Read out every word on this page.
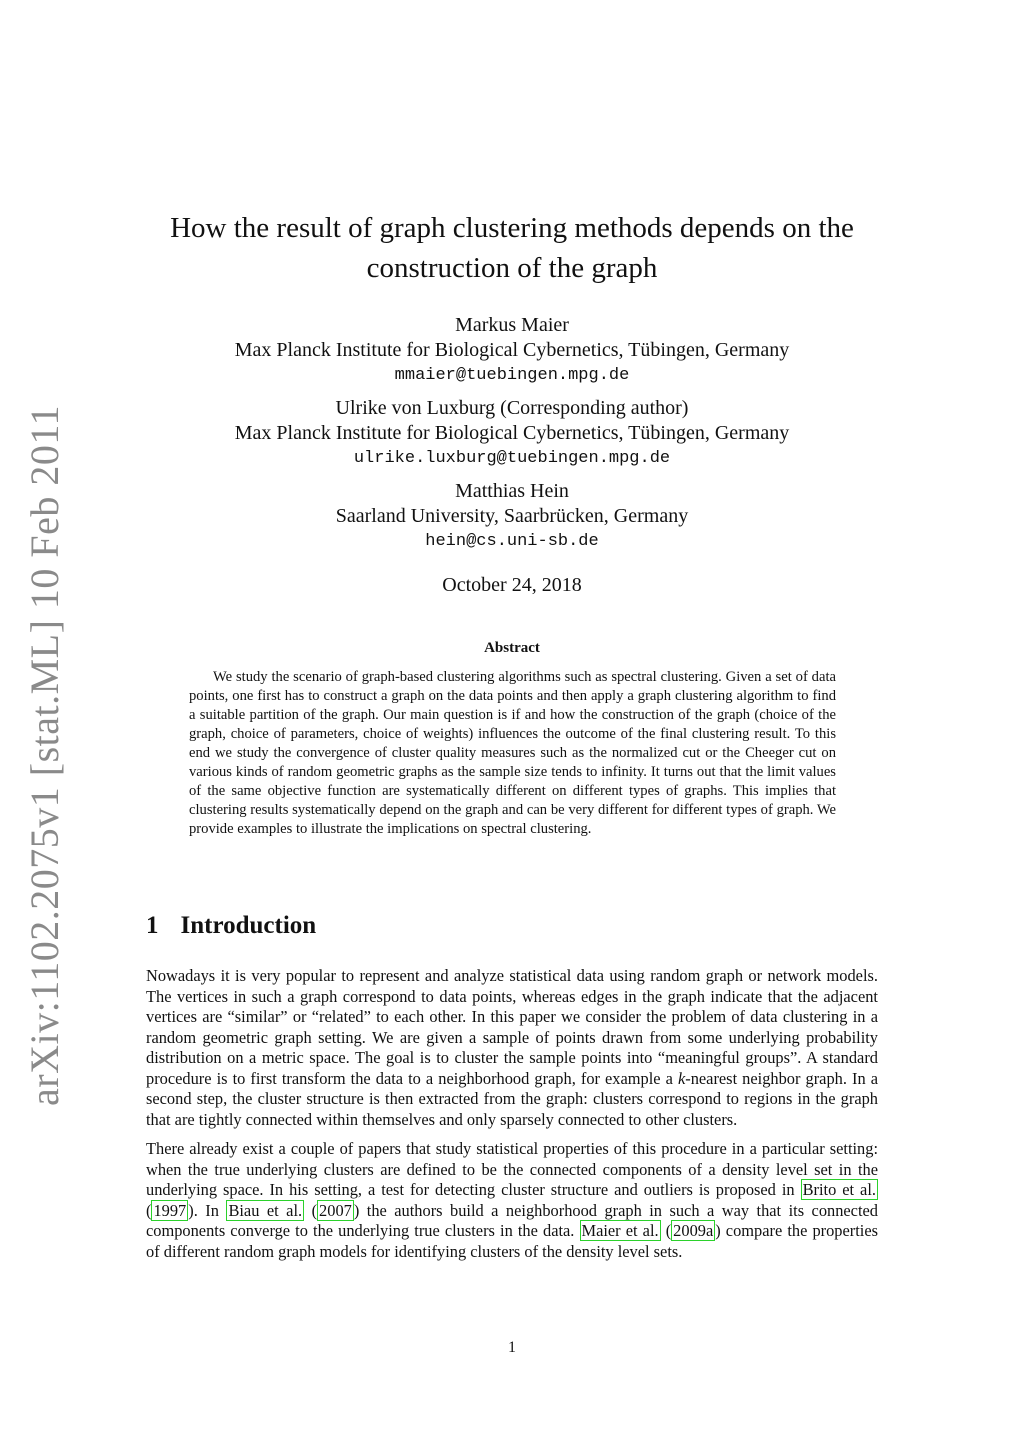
arXiv:1102.2075v1 [stat.ML] 10 Feb 2011
How the result of graph clustering methods depends on the
construction of the graph
Markus Maier
Max Planck Institute for Biological Cybernetics, Tübingen, Germany
mmaier@tuebingen.mpg.de
Ulrike von Luxburg (Corresponding author)
Max Planck Institute for Biological Cybernetics, Tübingen, Germany
ulrike.luxburg@tuebingen.mpg.de
Matthias Hein
Saarland University, Saarbrücken, Germany
hein@cs.uni-sb.de
October 24, 2018
Abstract
We study the scenario of graph-based clustering algorithms such as spectral clustering. Given a set of data points, one first has to construct a graph on the data points and then apply a graph clustering algorithm to find a suitable partition of the graph. Our main question is if and how the construction of the graph (choice of the graph, choice of parameters, choice of weights) influences the outcome of the final clustering result. To this end we study the convergence of cluster quality measures such as the normalized cut or the Cheeger cut on various kinds of random geometric graphs as the sample size tends to infinity. It turns out that the limit values of the same objective function are systematically different on different types of graphs. This implies that clustering results systematically depend on the graph and can be very different for different types of graph. We provide examples to illustrate the implications on spectral clustering.
1 Introduction

Nowadays it is very popular to represent and analyze statistical data using random graph or network models. The vertices in such a graph correspond to data points, whereas edges in the graph indicate that the adjacent vertices are “similar” or “related” to each other. In this paper we consider the problem of data clustering in a random geometric graph setting. We are given a sample of points drawn from some underlying probability distribution on a metric space. The goal is to cluster the sample points into “meaningful groups”. A standard procedure is to first transform the data to a neighborhood graph, for example a k-nearest neighbor graph. In a second step, the cluster structure is then extracted from the graph: clusters correspond to regions in the graph that are tightly connected within themselves and only sparsely connected to other clusters.

There already exist a couple of papers that study statistical properties of this procedure in a particular setting: when the true underlying clusters are defined to be the connected components of a density level set in the underlying space. In his setting, a test for detecting cluster structure and outliers is proposed in Brito et al. ( 1997 ). In Biau et al. ( 2007 ) the authors build a neighborhood graph in such a way that its connected components converge to the underlying true clusters in the data. Maier et al. ( 2009a ) compare the properties of different random graph models for identifying clusters of the density level sets.

1
